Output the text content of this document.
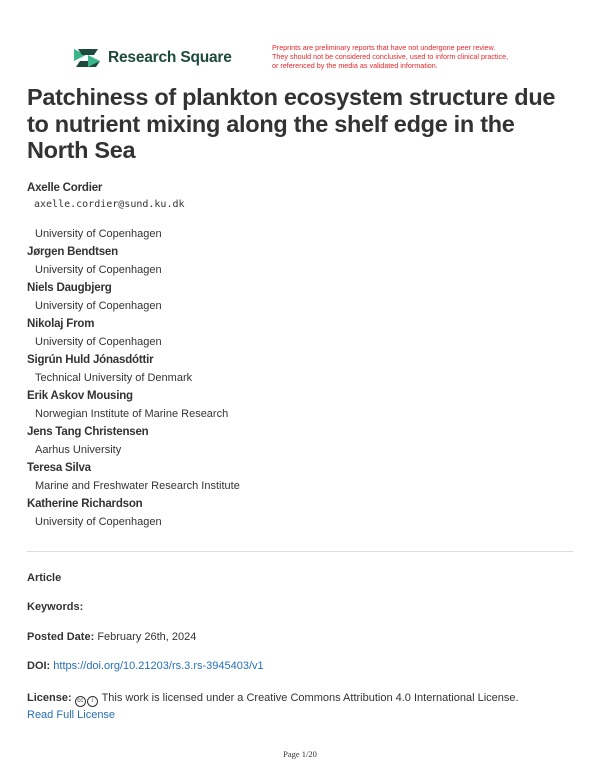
Research Square
Preprints are preliminary reports that have not undergone peer review.
They should not be considered conclusive, used to inform clinical practice,
or referenced by the media as validated information.
Patchiness of plankton ecosystem structure due to nutrient mixing along the shelf edge in the North Sea
Axelle Cordier
axelle.cordier@sund.ku.dk
University of Copenhagen
Jørgen Bendtsen
University of Copenhagen
Niels Daugbjerg
University of Copenhagen
Nikolaj From
University of Copenhagen
Sigrún Huld Jónasdóttir
Technical University of Denmark
Erik Askov Mousing
Norwegian Institute of Marine Research
Jens Tang Christensen
Aarhus University
Teresa Silva
Marine and Freshwater Research Institute
Katherine Richardson
University of Copenhagen
Article
Keywords:
Posted Date: February 26th, 2024
DOI: https://doi.org/10.21203/rs.3.rs-3945403/v1
License: cc i This work is licensed under a Creative Commons Attribution 4.0 International License.
Read Full License
Page 1/20
